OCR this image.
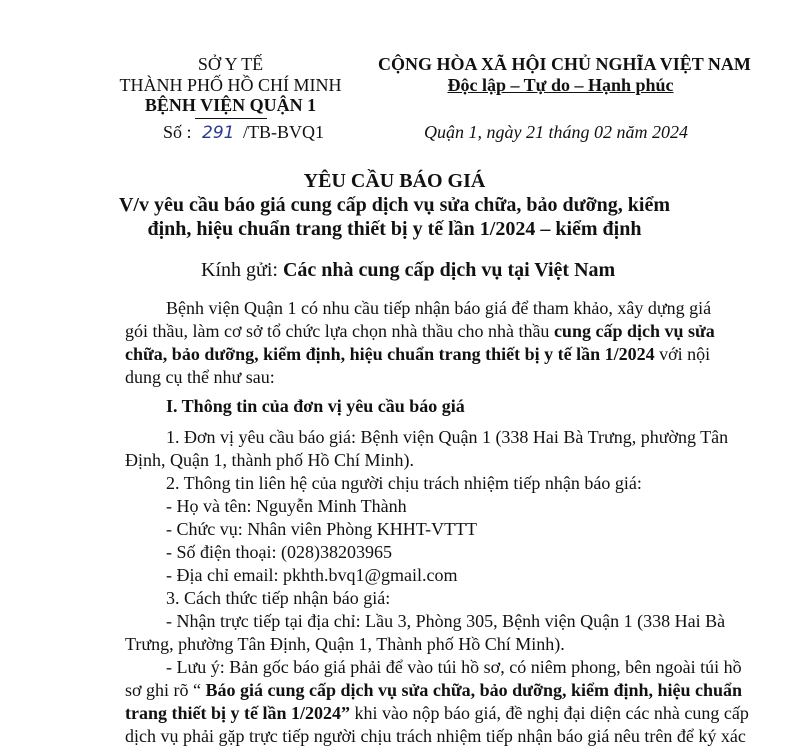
SỞ Y TẾ
THÀNH PHỐ HỒ CHÍ MINH
BỆNH VIỆN QUẬN 1
Số : 291 /TB-BVQ1
CỘNG HÒA XÃ HỘI CHỦ NGHĨA VIỆT NAM
Độc lập – Tự do – Hạnh phúc
Quận 1, ngày 21 tháng 02 năm 2024
YÊU CẦU BÁO GIÁ
V/v yêu cầu báo giá cung cấp dịch vụ sửa chữa, bảo dưỡng, kiểm
định, hiệu chuẩn trang thiết bị y tế lần 1/2024 – kiểm định
Kính gửi: Các nhà cung cấp dịch vụ tại Việt Nam
Bệnh viện Quận 1 có nhu cầu tiếp nhận báo giá để tham khảo, xây dựng giá
gói thầu, làm cơ sở tổ chức lựa chọn nhà thầu cho nhà thầu cung cấp dịch vụ sửa
chữa, bảo dưỡng, kiểm định, hiệu chuẩn trang thiết bị y tế lần 1/2024 với nội
dung cụ thể như sau:
I. Thông tin của đơn vị yêu cầu báo giá
1. Đơn vị yêu cầu báo giá: Bệnh viện Quận 1 (338 Hai Bà Trưng, phường Tân
Định, Quận 1, thành phố Hồ Chí Minh).
2. Thông tin liên hệ của người chịu trách nhiệm tiếp nhận báo giá:
- Họ và tên: Nguyễn Minh Thành
- Chức vụ: Nhân viên Phòng KHHT-VTTT
- Số điện thoại: (028)38203965
- Địa chỉ email: pkhth.bvq1@gmail.com
3. Cách thức tiếp nhận báo giá:
- Nhận trực tiếp tại địa chỉ: Lầu 3, Phòng 305, Bệnh viện Quận 1 (338 Hai Bà
Trưng, phường Tân Định, Quận 1, Thành phố Hồ Chí Minh).
- Lưu ý: Bản gốc báo giá phải để vào túi hồ sơ, có niêm phong, bên ngoài túi hồ
sơ ghi rõ “ Báo giá cung cấp dịch vụ sửa chữa, bảo dưỡng, kiểm định, hiệu chuẩn
trang thiết bị y tế lần 1/2024” khi vào nộp báo giá, đề nghị đại diện các nhà cung cấp
dịch vụ phải gặp trực tiếp người chịu trách nhiệm tiếp nhận báo giá nêu trên để ký xác
